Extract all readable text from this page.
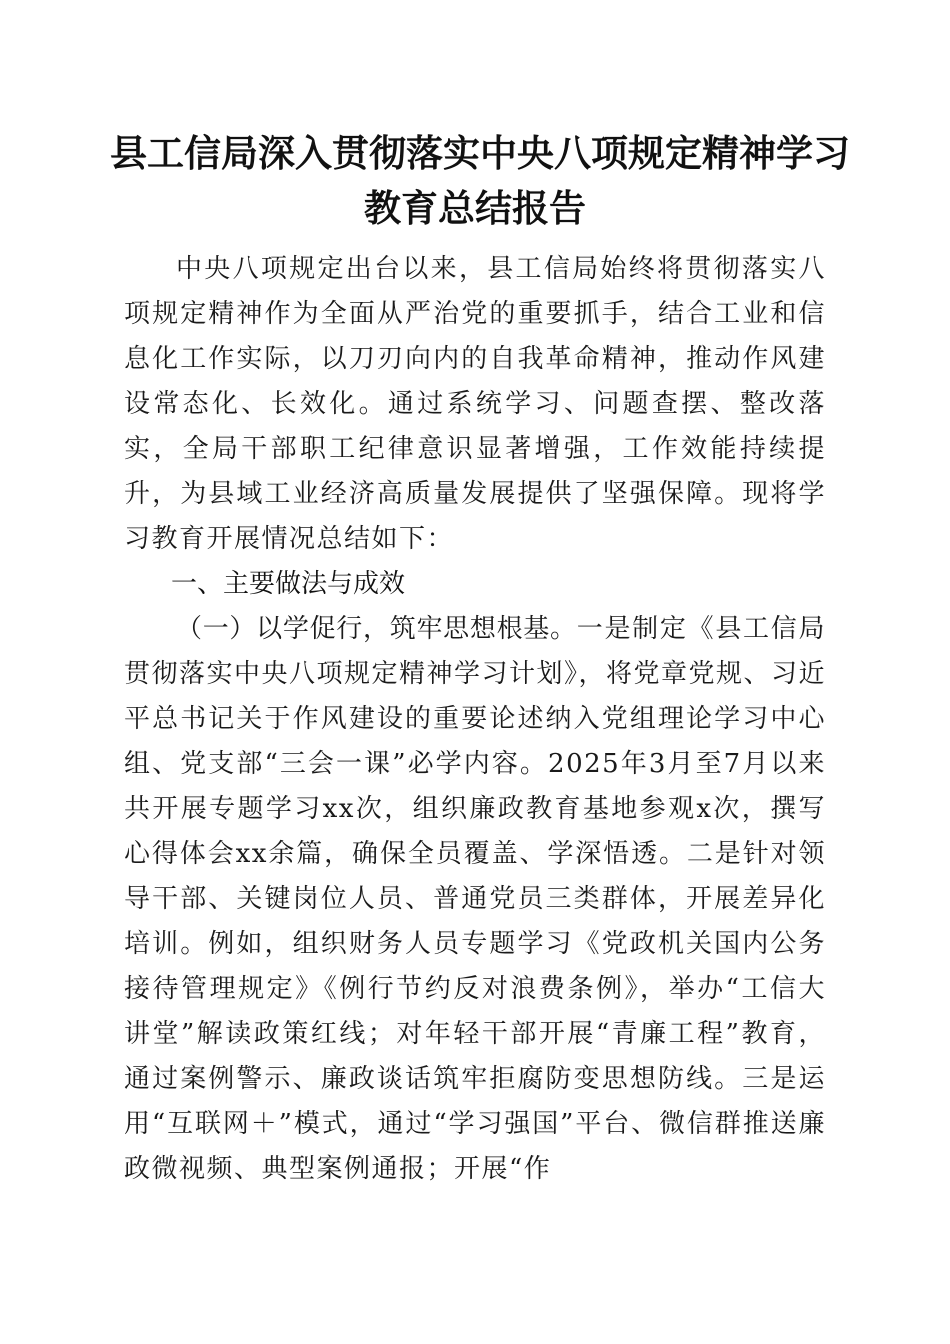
县工信局深入贯彻落实中央八项规定精神学习
教育总结报告

中央八项规定出台以来，县工信局始终将贯彻落实八项规定精神作为全面从严治党的重要抓手，结合工业和信息化工作实际，以刀刃向内的自我革命精神，推动作风建设常态化、长效化。通过系统学习、问题查摆、整改落实，全局干部职工纪律意识显著增强，工作效能持续提升，为县域工业经济高质量发展提供了坚强保障。现将学习教育开展情况总结如下：

一、主要做法与成效

（一）以学促行，筑牢思想根基。一是制定《县工信局贯彻落实中央八项规定精神学习计划》，将党章党规、习近平总书记关于作风建设的重要论述纳入党组理论学习中心组、党支部“三会一课”必学内容。2025年3月至7月以来共开展专题学习xx次，组织廉政教育基地参观x次，撰写心得体会xx余篇，确保全员覆盖、学深悟透。二是针对领导干部、关键岗位人员、普通党员三类群体，开展差异化培训。例如，组织财务人员专题学习《党政机关国内公务接待管理规定》《例行节约反对浪费条例》，举办“工信大讲堂”解读政策红线；对年轻干部开展“青廉工程”教育，通过案例警示、廉政谈话筑牢拒腐防变思想防线。三是运用“互联网＋”模式，通过“学习强国”平台、微信群推送廉政微视频、典型案例通报；开展“作
